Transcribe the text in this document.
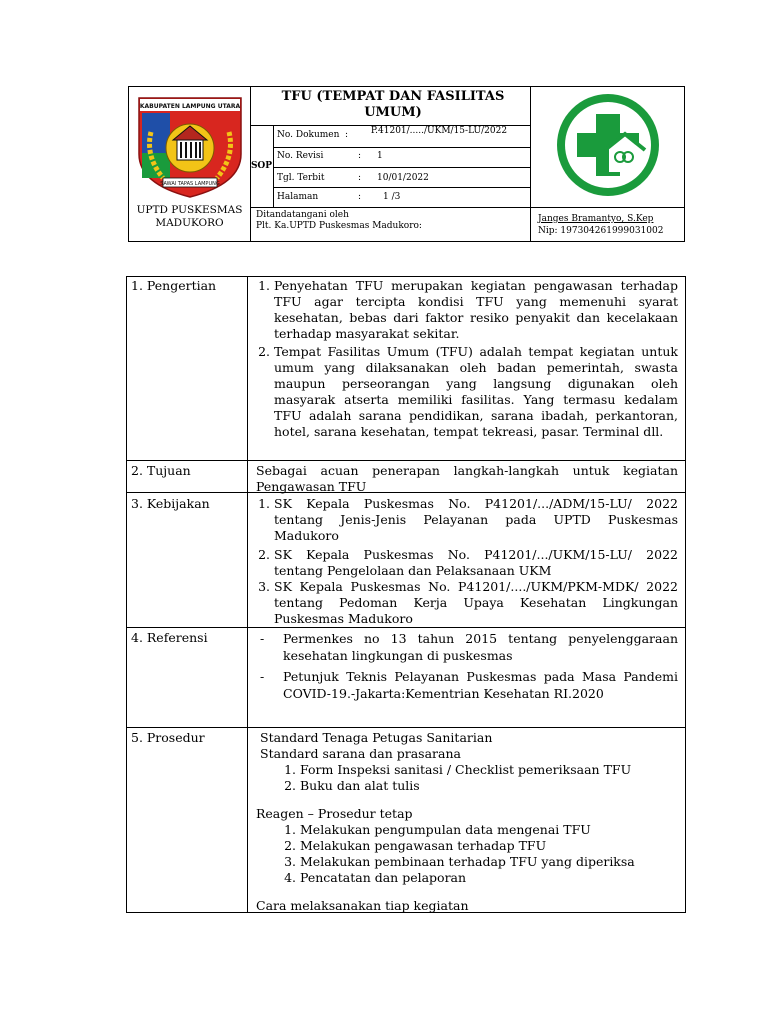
KABUPATEN LAMPUNG UTARA
SAWAI TAPAS LAMPUNG
UPTD PUSKESMAS MADUKORO
TFU (TEMPAT DAN FASILITAS UMUM)
SOP
No. Dokumen :	P.41201/...../UKM/15-LU/2022
No. Revisi	: 1
Tgl. Terbit	: 10/01/2022
Halaman	: 1 /3
Ditandatangani oleh
Plt. Ka.UPTD Puskesmas Madukoro:
Janges Bramantyo, S.Kep
Nip: 197304261999031002
1. Pengertian	1. Penyehatan TFU merupakan kegiatan pengawasan terhadap TFU agar tercipta kondisi TFU yang memenuhi syarat kesehatan, bebas dari faktor resiko penyakit dan kecelakaan terhadap masyarakat sekitar.
2. Tempat Fasilitas Umum (TFU) adalah tempat kegiatan untuk umum yang dilaksanakan oleh badan pemerintah, swasta maupun perseorangan yang langsung digunakan oleh masyarak atserta memiliki fasilitas. Yang termasu kedalam TFU adalah sarana pendidikan, sarana ibadah, perkantoran, hotel, sarana kesehatan, tempat tekreasi, pasar. Terminal dll.
2. Tujuan	Sebagai acuan penerapan langkah-langkah untuk kegiatan Pengawasan TFU
3. Kebijakan	1. SK Kepala Puskesmas No. P41201/.../ADM/15-LU/ 2022 tentang Jenis-Jenis Pelayanan pada UPTD Puskesmas Madukoro
2. SK Kepala Puskesmas No. P41201/.../UKM/15-LU/ 2022 tentang Pengelolaan dan Pelaksanaan UKM
3. SK Kepala Puskesmas No. P41201/..../UKM/PKM-MDK/ 2022 tentang Pedoman Kerja Upaya Kesehatan Lingkungan Puskesmas Madukoro
4. Referensi	- Permenkes no 13 tahun 2015 tentang penyelenggaraan kesehatan lingkungan di puskesmas
- Petunjuk Teknis Pelayanan Puskesmas pada Masa Pandemi COVID-19.-Jakarta:Kementrian Kesehatan RI.2020
5. Prosedur	Standard Tenaga Petugas Sanitarian
Standard sarana dan prasarana
1. Form Inspeksi sanitasi / Checklist pemeriksaan TFU
2. Buku dan alat tulis
Reagen – Prosedur tetap
1. Melakukan pengumpulan data mengenai TFU
2. Melakukan pengawasan terhadap TFU
3. Melakukan pembinaan terhadap TFU yang diperiksa
4. Pencatatan dan pelaporan
Cara melaksanakan tiap kegiatan
